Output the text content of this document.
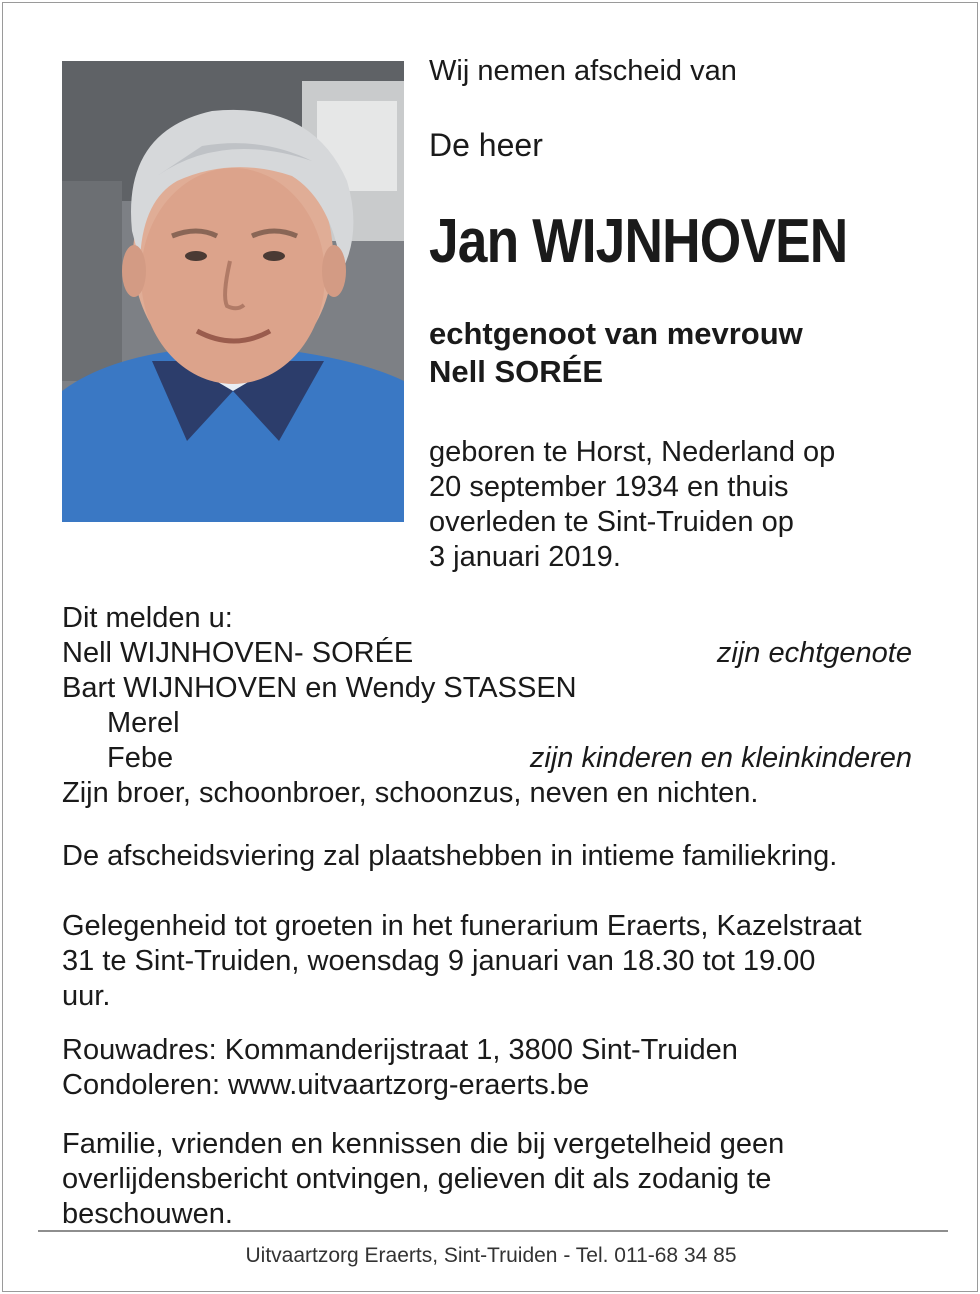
Wij nemen afscheid van
De heer
Jan WIJNHOVEN
echtgenoot van mevrouw
Nell SORÉE
geboren te Horst, Nederland op
20 september 1934 en thuis
overleden te Sint-Truiden op
3 januari 2019.
Dit melden u:
Nell WIJNHOVEN- SORÉE	zijn echtgenote
Bart WIJNHOVEN en Wendy STASSEN
Merel
Febe	zijn kinderen en kleinkinderen
Zijn broer, schoonbroer, schoonzus, neven en nichten.
De afscheidsviering zal plaatshebben in intieme familiekring.
Gelegenheid tot groeten in het funerarium Eraerts, Kazelstraat
31 te Sint-Truiden, woensdag 9 januari van 18.30 tot 19.00
uur.
Rouwadres: Kommanderijstraat 1, 3800 Sint-Truiden
Condoleren: www.uitvaartzorg-eraerts.be
Familie, vrienden en kennissen die bij vergetelheid geen
overlijdensbericht ontvingen, gelieven dit als zodanig te
beschouwen.
Uitvaartzorg Eraerts, Sint-Truiden - Tel. 011-68 34 85
